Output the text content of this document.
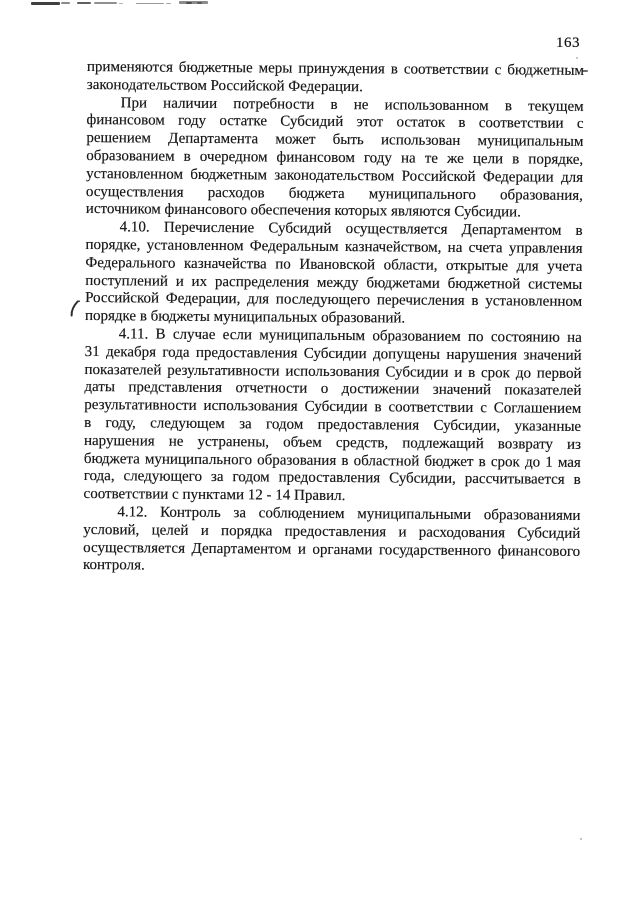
163
применяются бюджетные меры принуждения в соответствии с бюджетным
законодательством Российской Федерации.
При наличии потребности в не использованном в текущем
финансовом году остатке Субсидий этот остаток в соответствии с
решением Департамента может быть использован муниципальным
образованием в очередном финансовом году на те же цели в порядке,
установленном бюджетным законодательством Российской Федерации для
осуществления расходов бюджета муниципального образования,
источником финансового обеспечения которых являются Субсидии.
4.10. Перечисление Субсидий осуществляется Департаментом в
порядке, установленном Федеральным казначейством, на счета управления
Федерального казначейства по Ивановской области, открытые для учета
поступлений и их распределения между бюджетами бюджетной системы
Российской Федерации, для последующего перечисления в установленном
порядке в бюджеты муниципальных образований.
4.11. В случае если муниципальным образованием по состоянию на
31 декабря года предоставления Субсидии допущены нарушения значений
показателей результативности использования Субсидии и в срок до первой
даты представления отчетности о достижении значений показателей
результативности использования Субсидии в соответствии с Соглашением
в году, следующем за годом предоставления Субсидии, указанные
нарушения не устранены, объем средств, подлежащий возврату из
бюджета муниципального образования в областной бюджет в срок до 1 мая
года, следующего за годом предоставления Субсидии, рассчитывается в
соответствии с пунктами 12 - 14 Правил.
4.12. Контроль за соблюдением муниципальными образованиями
условий, целей и порядка предоставления и расходования Субсидий
осуществляется Департаментом и органами государственного финансового
контроля.
